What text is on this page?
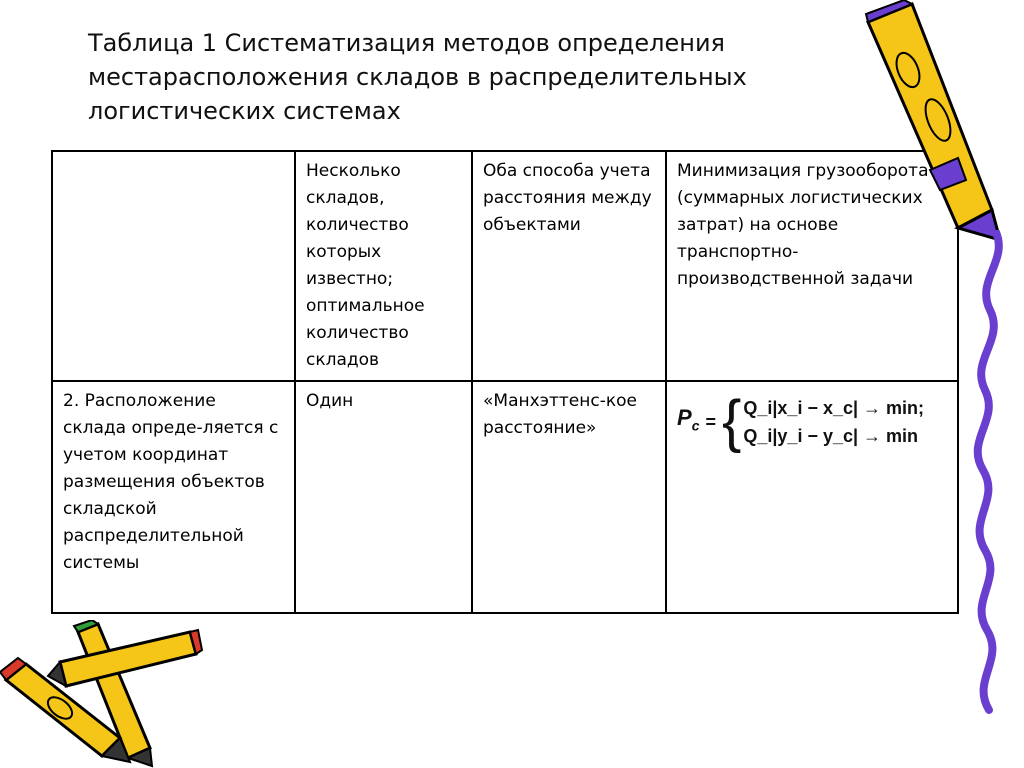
Таблица 1 Систематизация методов определения местарасположения складов в распределительных логистических системах
	Несколько складов, количество которых известно; оптимальное количество складов	Оба способа учета расстояния между объектами	Минимизация грузооборота (суммарных логистических затрат) на основе транспортно-производственной задачи
2. Расположение склада опреде-ляется с учетом координат размещения объектов складской распределительной системы	Один	«Манхэттенс-кое расстояние»	$P_c$ = { Q_i|x_i − x_c| → min;
Q_i|y_i − y_c| → min
